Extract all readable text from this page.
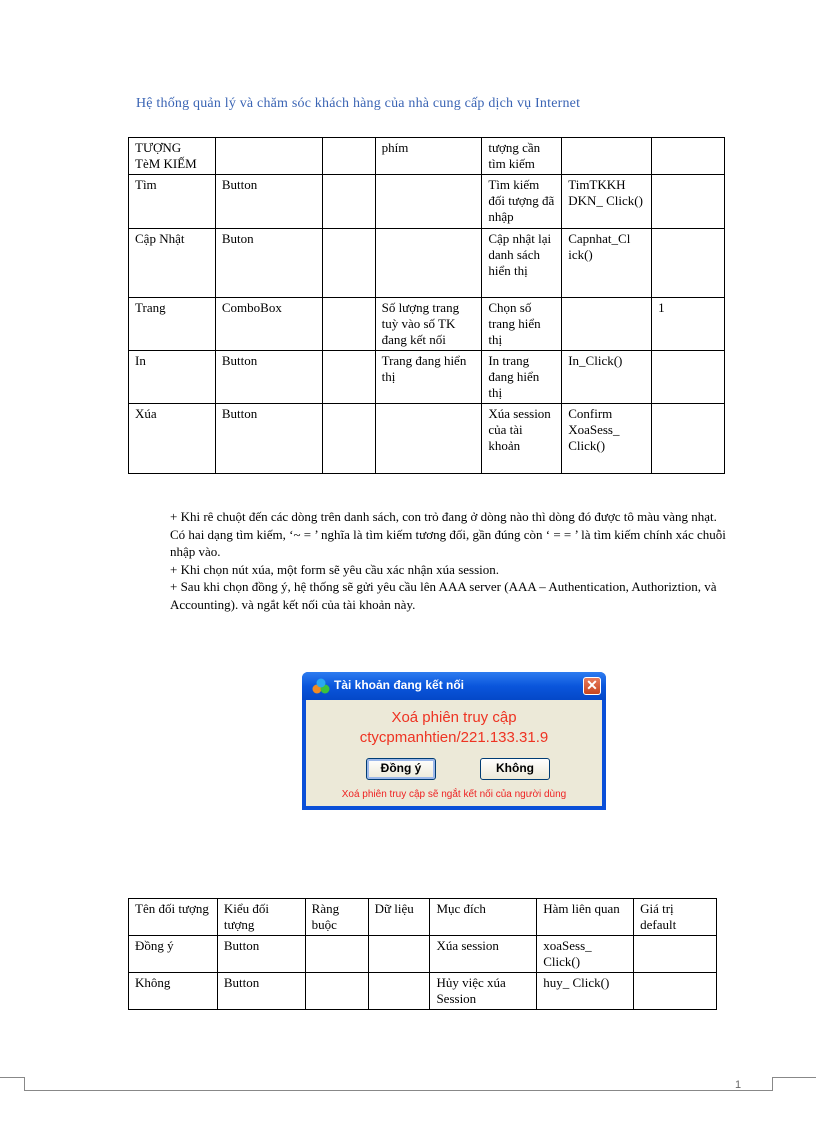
Hệ thống quản lý và chăm sóc khách hàng của nhà cung cấp dịch vụ Internet
TƯỢNG TèM KIẾM			phím	tượng cần tìm kiếm		
Tìm	Button			Tìm kiếm đối tượng đã nhập	TimTKKH DKN_ Click()	
Cập Nhật	Buton			Cập nhật lại danh sách hiển thị	Capnhat_Cl ick()	
Trang	ComboBox		Số lượng trang tuỳ vào số TK đang kết nối	Chọn số trang hiển thị		1
In	Button		Trang đang hiển thị	In trang đang hiển thị	In_Click()	
Xúa	Button			Xúa session của tài khoản	Confirm XoaSess_ Click()	

+ Khi rê chuột đến các dòng trên danh sách, con trỏ đang ở dòng nào thì dòng đó được tô màu vàng nhạt.

Có hai dạng tìm kiếm, ‘~ = ’ nghĩa là tìm kiếm tương đối, gần đúng còn ‘ = = ’ là tìm kiếm chính xác chuỗi nhập vào.

+ Khi chọn nút xúa, một form sẽ yêu cầu xác nhận xúa session.

+ Sau khi chọn đồng ý, hệ thống sẽ gửi yêu cầu lên AAA server (AAA – Authentication, Authoriztion, và Accounting). và ngắt kết nối của tài khoản này.

Tài khoản đang kết nối	✕
Xoá phiên truy cập
ctycpmanhtien/221.133.31.9
Đồng ý	Không
Xoá phiên truy cập sẽ ngắt kết nối của người dùng
Tên đối tượng	Kiểu đối tượng	Ràng buộc	Dữ liệu	Mục đích	Hàm liên quan	Giá trị default
Đồng ý	Button			Xúa session	xoaSess_ Click()	
Không	Button			Hủy việc xúa Session	huy_ Click()	
1
